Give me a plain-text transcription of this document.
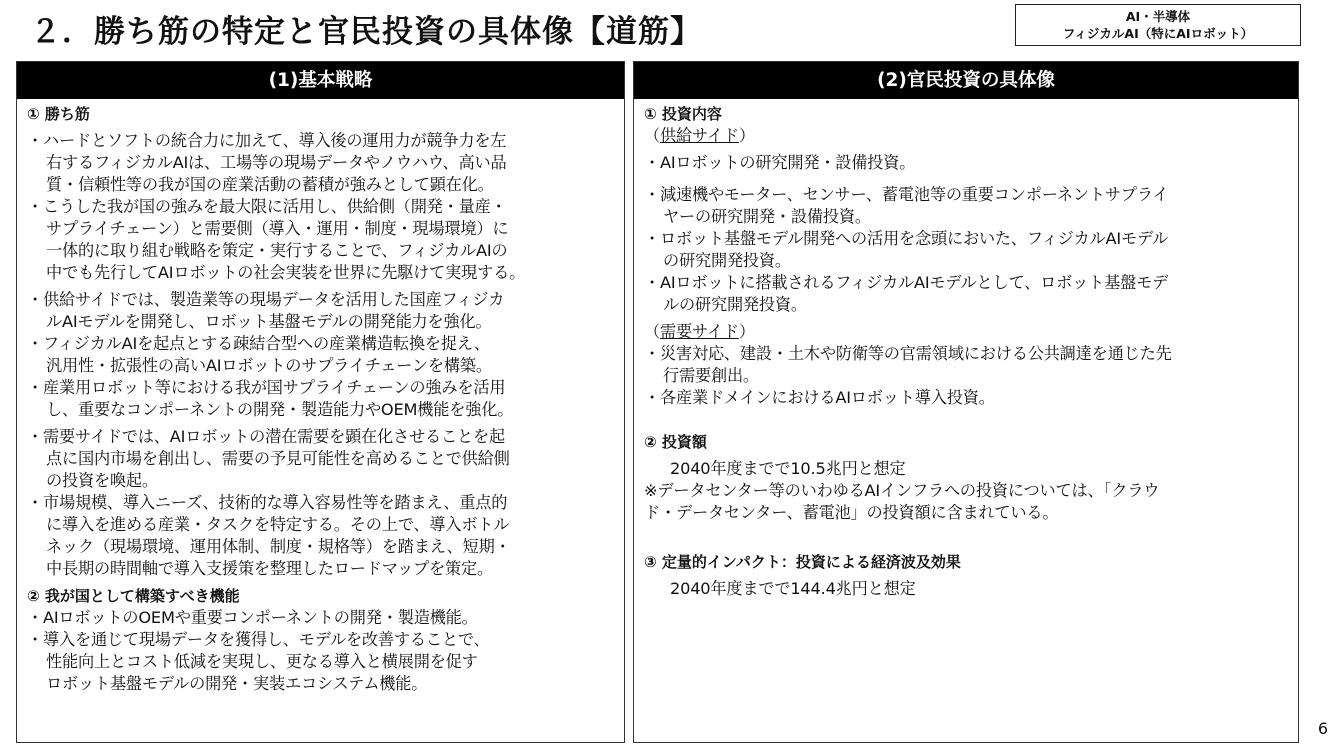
２．勝ち筋の特定と官民投資の具体像【道筋】	AI・半導体
フィジカルAI（特にAIロボット）
(1)基本戦略
① 勝ち筋
・ハードとソフトの統合力に加えて、導入後の運用力が競争力を左
右するフィジカルAIは、工場等の現場データやノウハウ、高い品
質・信頼性等の我が国の産業活動の蓄積が強みとして顕在化。
・こうした我が国の強みを最大限に活用し、供給側（開発・量産・
サプライチェーン）と需要側（導入・運用・制度・現場環境）に
一体的に取り組む戦略を策定・実行することで、フィジカルAIの
中でも先行してAIロボットの社会実装を世界に先駆けて実現する。
・供給サイドでは、製造業等の現場データを活用した国産フィジカ
ルAIモデルを開発し、ロボット基盤モデルの開発能力を強化。
・フィジカルAIを起点とする疎結合型への産業構造転換を捉え、
汎用性・拡張性の高いAIロボットのサプライチェーンを構築。
・産業用ロボット等における我が国サプライチェーンの強みを活用
し、重要なコンポーネントの開発・製造能力やOEM機能を強化。
・需要サイドでは、AIロボットの潜在需要を顕在化させることを起
点に国内市場を創出し、需要の予見可能性を高めることで供給側
の投資を喚起。
・市場規模、導入ニーズ、技術的な導入容易性等を踏まえ、重点的
に導入を進める産業・タスクを特定する。その上で、導入ボトル
ネック（現場環境、運用体制、制度・規格等）を踏まえ、短期・
中長期の時間軸で導入支援策を整理したロードマップを策定。
② 我が国として構築すべき機能
・AIロボットのOEMや重要コンポーネントの開発・製造機能。
・導入を通じて現場データを獲得し、モデルを改善することで、
性能向上とコスト低減を実現し、更なる導入と横展開を促す
ロボット基盤モデルの開発・実装エコシステム機能。
(2)官民投資の具体像
① 投資内容
（供給サイド）
・AIロボットの研究開発・設備投資。
・減速機やモーター、センサー、蓄電池等の重要コンポーネントサプライ
ヤーの研究開発・設備投資。
・ロボット基盤モデル開発への活用を念頭においた、フィジカルAIモデル
の研究開発投資。
・AIロボットに搭載されるフィジカルAIモデルとして、ロボット基盤モデ
ルの研究開発投資。
（需要サイド）
・災害対応、建設・土木や防衛等の官需領域における公共調達を通じた先
行需要創出。
・各産業ドメインにおけるAIロボット導入投資。
② 投資額
2040年度までで10.5兆円と想定
※データセンター等のいわゆるAIインフラへの投資については、「クラウ
ド・データセンター、蓄電池」の投資額に含まれている。
③ 定量的インパクト：投資による経済波及効果
2040年度までで144.4兆円と想定
6
